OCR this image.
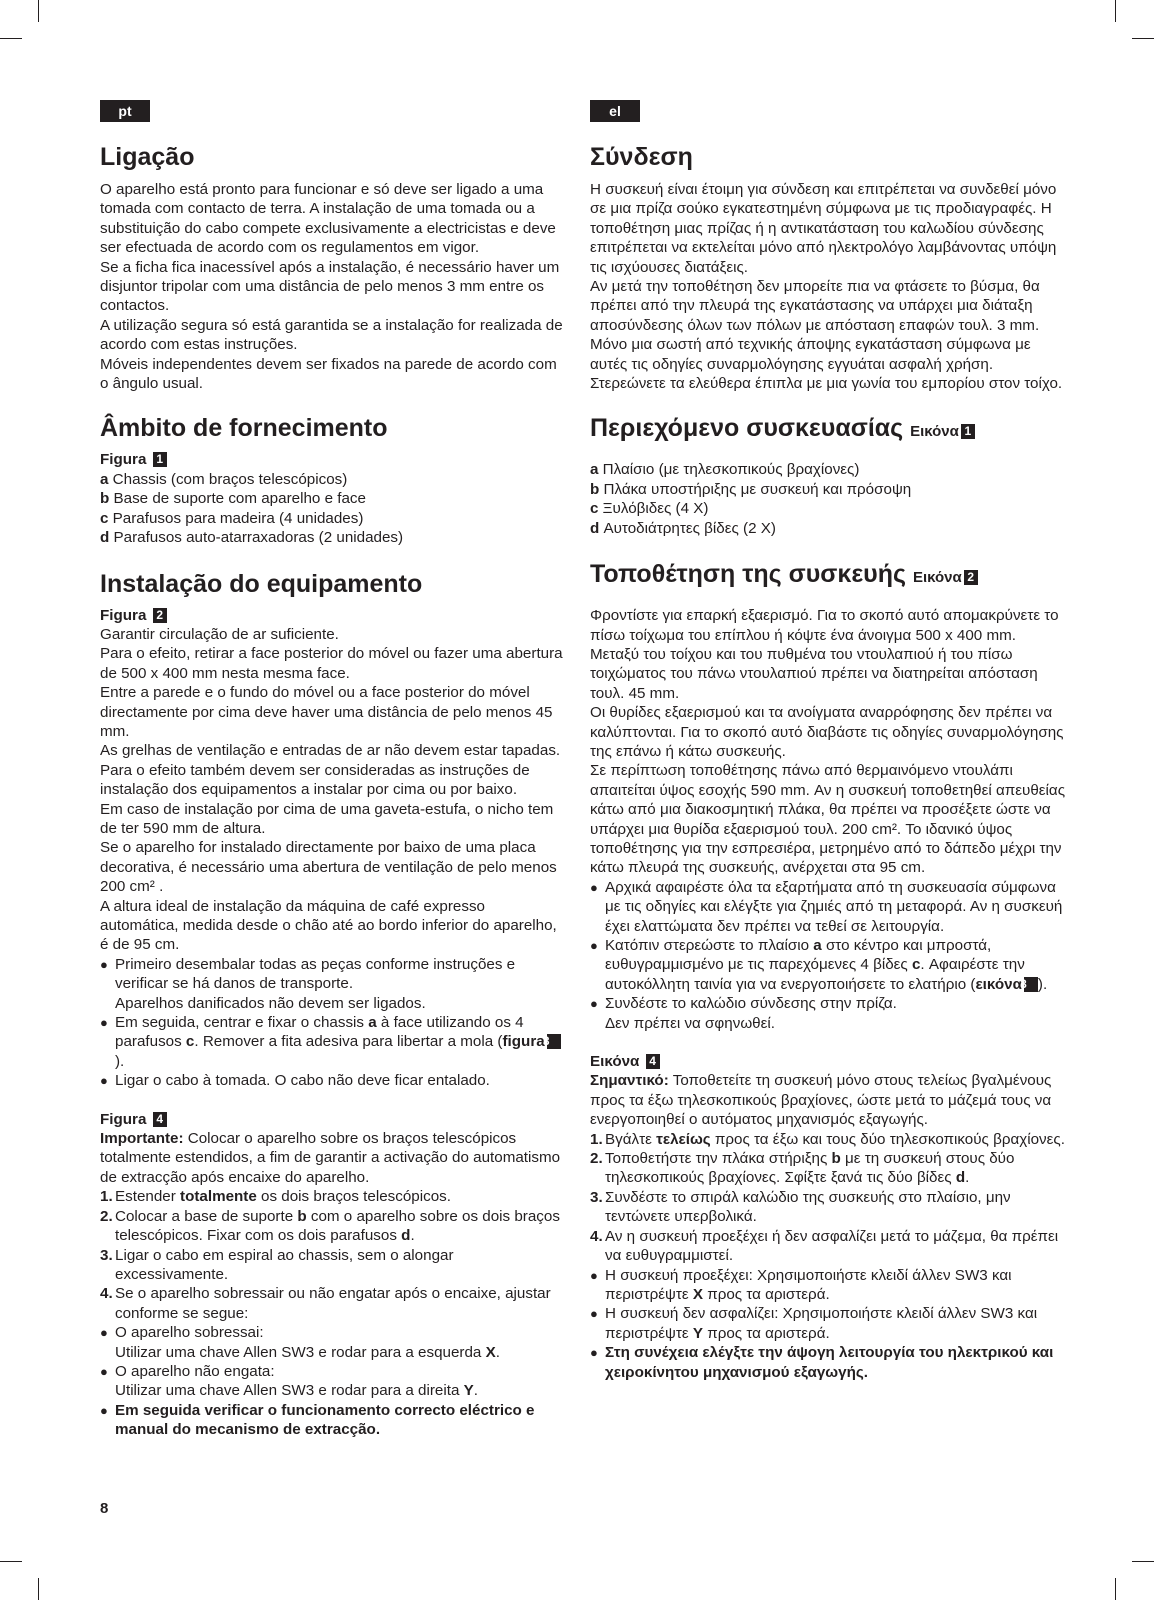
pt
Ligação

O aparelho está pronto para funcionar e só deve ser ligado a uma tomada com contacto de terra. A instalação de uma tomada ou a substituição do cabo compete exclusivamente a electricistas e deve ser efectuada de acordo com os regulamentos em vigor.

Se a ficha fica inacessível após a instalação, é necessário haver um disjuntor tripolar com uma distância de pelo menos 3 mm entre os contactos.

A utilização segura só está garantida se a instalação for realizada de acordo com estas instruções.

Móveis independentes devem ser fixados na parede de acordo com o ângulo usual.

Âmbito de fornecimento

Figura 1

a Chassis (com braços telescópicos)

b Base de suporte com aparelho e face

c Parafusos para madeira (4 unidades)

d Parafusos auto-atarraxadoras (2 unidades)

Instalação do equipamento

Figura 2

Garantir circulação de ar suficiente.

Para o efeito, retirar a face posterior do móvel ou fazer uma abertura de 500 x 400 mm nesta mesma face.

Entre a parede e o fundo do móvel ou a face posterior do móvel directamente por cima deve haver uma distância de pelo menos 45 mm.

As grelhas de ventilação e entradas de ar não devem estar tapadas.

Para o efeito também devem ser consideradas as instruções de instalação dos equipamentos a instalar por cima ou por baixo.

Em caso de instalação por cima de uma gaveta-estufa, o nicho tem de ter 590 mm de altura.

Se o aparelho for instalado directamente por baixo de uma placa decorativa, é necessário uma abertura de ventilação de pelo menos 200 cm² .

A altura ideal de instalação da máquina de café expresso automática, medida desde o chão até ao bordo inferior do aparelho, é de 95 cm.

● Primeiro desembalar todas as peças conforme instruções e verificar se há danos de transporte.
Aparelhos danificados não devem ser ligados.

● Em seguida, centrar e fixar o chassis a à face utilizando os 4 parafusos c. Remover a fita adesiva para libertar a mola (figura3).

● Ligar o cabo à tomada. O cabo não deve ficar entalado.

Figura 4

Importante: Colocar o aparelho sobre os braços telescópicos totalmente estendidos, a fim de garantir a activação do automatismo de extracção após encaixe do aparelho.

1. Estender totalmente os dois braços telescópicos.

2. Colocar a base de suporte b com o aparelho sobre os dois braços telescópicos. Fixar com os dois parafusos d.

3. Ligar o cabo em espiral ao chassis, sem o alongar excessivamente.

4. Se o aparelho sobressair ou não engatar após o encaixe, ajustar conforme se segue:

● O aparelho sobressai:
Utilizar uma chave Allen SW3 e rodar para a esquerda X.

● O aparelho não engata:
Utilizar uma chave Allen SW3 e rodar para a direita Y.

● Em seguida verificar o funcionamento correcto eléctrico e manual do mecanismo de extracção.

el
Σύνδεση

Η συσκευή είναι έτοιμη για σύνδεση και επιτρέπεται να συνδεθεί μόνο σε μια πρίζα σούκο εγκατεστημένη σύμφωνα με τις προδιαγραφές. Η τοποθέτηση μιας πρίζας ή η αντικατάσταση του καλωδίου σύνδεσης επιτρέπεται να εκτελείται μόνο από ηλεκτρολόγο λαμβάνοντας υπόψη τις ισχύουσες διατάξεις.

Αν μετά την τοποθέτηση δεν μπορείτε πια να φτάσετε το βύσμα, θα πρέπει από την πλευρά της εγκατάστασης να υπάρχει μια διάταξη αποσύνδεσης όλων των πόλων με απόσταση επαφών τουλ. 3 mm.

Μόνο μια σωστή από τεχνικής άποψης εγκατάσταση σύμφωνα με αυτές τις οδηγίες συναρμολόγησης εγγυάται ασφαλή χρήση.

Στερεώνετε τα ελεύθερα έπιπλα με μια γωνία του εμπορίου στον τοίχο.

Περιεχόμενο συσκευασίας Εικόνα 1

a Πλαίσιο (με τηλεσκοπικούς βραχίονες)

b Πλάκα υποστήριξης με συσκευή και πρόσοψη

c Ξυλόβιδες (4 Χ)

d Αυτοδιάτρητες βίδες (2 Χ)

Τοποθέτηση της συσκευής Εικόνα 2

Φροντίστε για επαρκή εξαερισμό. Για το σκοπό αυτό απομακρύνετε το πίσω τοίχωμα του επίπλου ή κόψτε ένα άνοιγμα 500 x 400 mm. Μεταξύ του τοίχου και του πυθμένα του ντουλαπιού ή του πίσω τοιχώματος του πάνω ντουλαπιού πρέπει να διατηρείται απόσταση τουλ. 45 mm.

Οι θυρίδες εξαερισμού και τα ανοίγματα αναρρόφησης δεν πρέπει να καλύπτονται. Για το σκοπό αυτό διαβάστε τις οδηγίες συναρμολόγησης της επάνω ή κάτω συσκευής.

Σε περίπτωση τοποθέτησης πάνω από θερμαινόμενο ντουλάπι απαιτείται ύψος εσοχής 590 mm. Αν η συσκευή τοποθετηθεί απευθείας κάτω από μια διακοσμητική πλάκα, θα πρέπει να προσέξετε ώστε να υπάρχει μια θυρίδα εξαερισμού τουλ. 200 cm². Το ιδανικό ύψος τοποθέτησης για την εσπρεσιέρα, μετρημένο από το δάπεδο μέχρι την κάτω πλευρά της συσκευής, ανέρχεται στα 95 cm.

● Αρχικά αφαιρέστε όλα τα εξαρτήματα από τη συσκευασία σύμφωνα με τις οδηγίες και ελέγξτε για ζημιές από τη μεταφορά. Αν η συσκευή έχει ελαττώματα δεν πρέπει να τεθεί σε λειτουργία.

● Κατόπιν στερεώστε το πλαίσιο a στο κέντρο και μπροστά, ευθυγραμμισμένο με τις παρεχόμενες 4 βίδες c. Αφαιρέστε την αυτοκόλλητη ταινία για να ενεργοποιήσετε το ελατήριο (εικόνα3 ).

● Συνδέστε το καλώδιο σύνδεσης στην πρίζα.
Δεν πρέπει να σφηνωθεί.

Εικόνα 4

Σημαντικό: Τοποθετείτε τη συσκευή μόνο στους τελείως βγαλμένους προς τα έξω τηλεσκοπικούς βραχίονες, ώστε μετά το μάζεμά τους να ενεργοποιηθεί ο αυτόματος μηχανισμός εξαγωγής.

1. Βγάλτε τελείως προς τα έξω και τους δύο τηλεσκοπικούς βραχίονες.

2. Τοποθετήστε την πλάκα στήριξης b με τη συσκευή στους δύο τηλεσκοπικούς βραχίονες. Σφίξτε ξανά τις δύο βίδες d.

3. Συνδέστε το σπιράλ καλώδιο της συσκευής στο πλαίσιο, μην τεντώνετε υπερβολικά.

4. Αν η συσκευή προεξέχει ή δεν ασφαλίζει μετά το μάζεμα, θα πρέπει να ευθυγραμμιστεί.

● Η συσκευή προεξέχει: Χρησιμοποιήστε κλειδί άλλεν SW3 και περιστρέψτε X προς τα αριστερά.

● Η συσκευή δεν ασφαλίζει: Χρησιμοποιήστε κλειδί άλλεν SW3 και περιστρέψτε Y προς τα αριστερά.

● Στη συνέχεια ελέγξτε την άψογη λειτουργία του ηλεκτρικού και χειροκίνητου μηχανισμού εξαγωγής.

8
